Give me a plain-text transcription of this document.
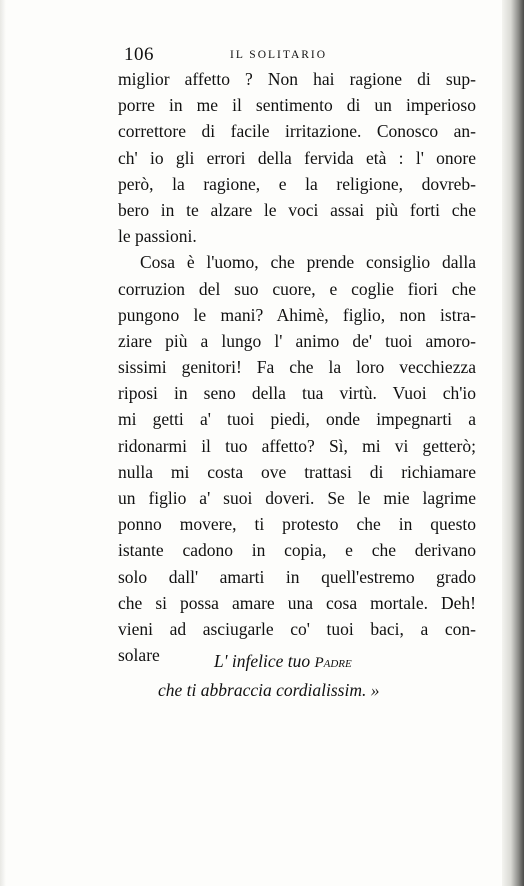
106	IL SOLITARIO
miglior affetto ? Non hai ragione di sup-
porre in me il sentimento di un imperioso
correttore di facile irritazione. Conosco an-
ch' io gli errori della fervida età : l' onore
però, la ragione, e la religione, dovreb-
bero in te alzare le voci assai più forti che
le passioni.
Cosa è l'uomo, che prende consiglio dalla
corruzion del suo cuore, e coglie fiori che
pungono le mani? Ahimè, figlio, non istra-
ziare più a lungo l' animo de' tuoi amoro-
sissimi genitori! Fa che la loro vecchiezza
riposi in seno della tua virtù. Vuoi ch'io
mi getti a' tuoi piedi, onde impegnarti a
ridonarmi il tuo affetto? Sì, mi vi getterò;
nulla mi costa ove trattasi di richiamare
un figlio a' suoi doveri. Se le mie lagrime
ponno movere, ti protesto che in questo
istante cadono in copia, e che derivano
solo dall' amarti in quell'estremo grado
che si possa amare una cosa mortale. Deh!
vieni ad asciugarle co' tuoi baci, a con-
solare	L' infelice tuo Padre
che ti abbraccia cordialissim. »
